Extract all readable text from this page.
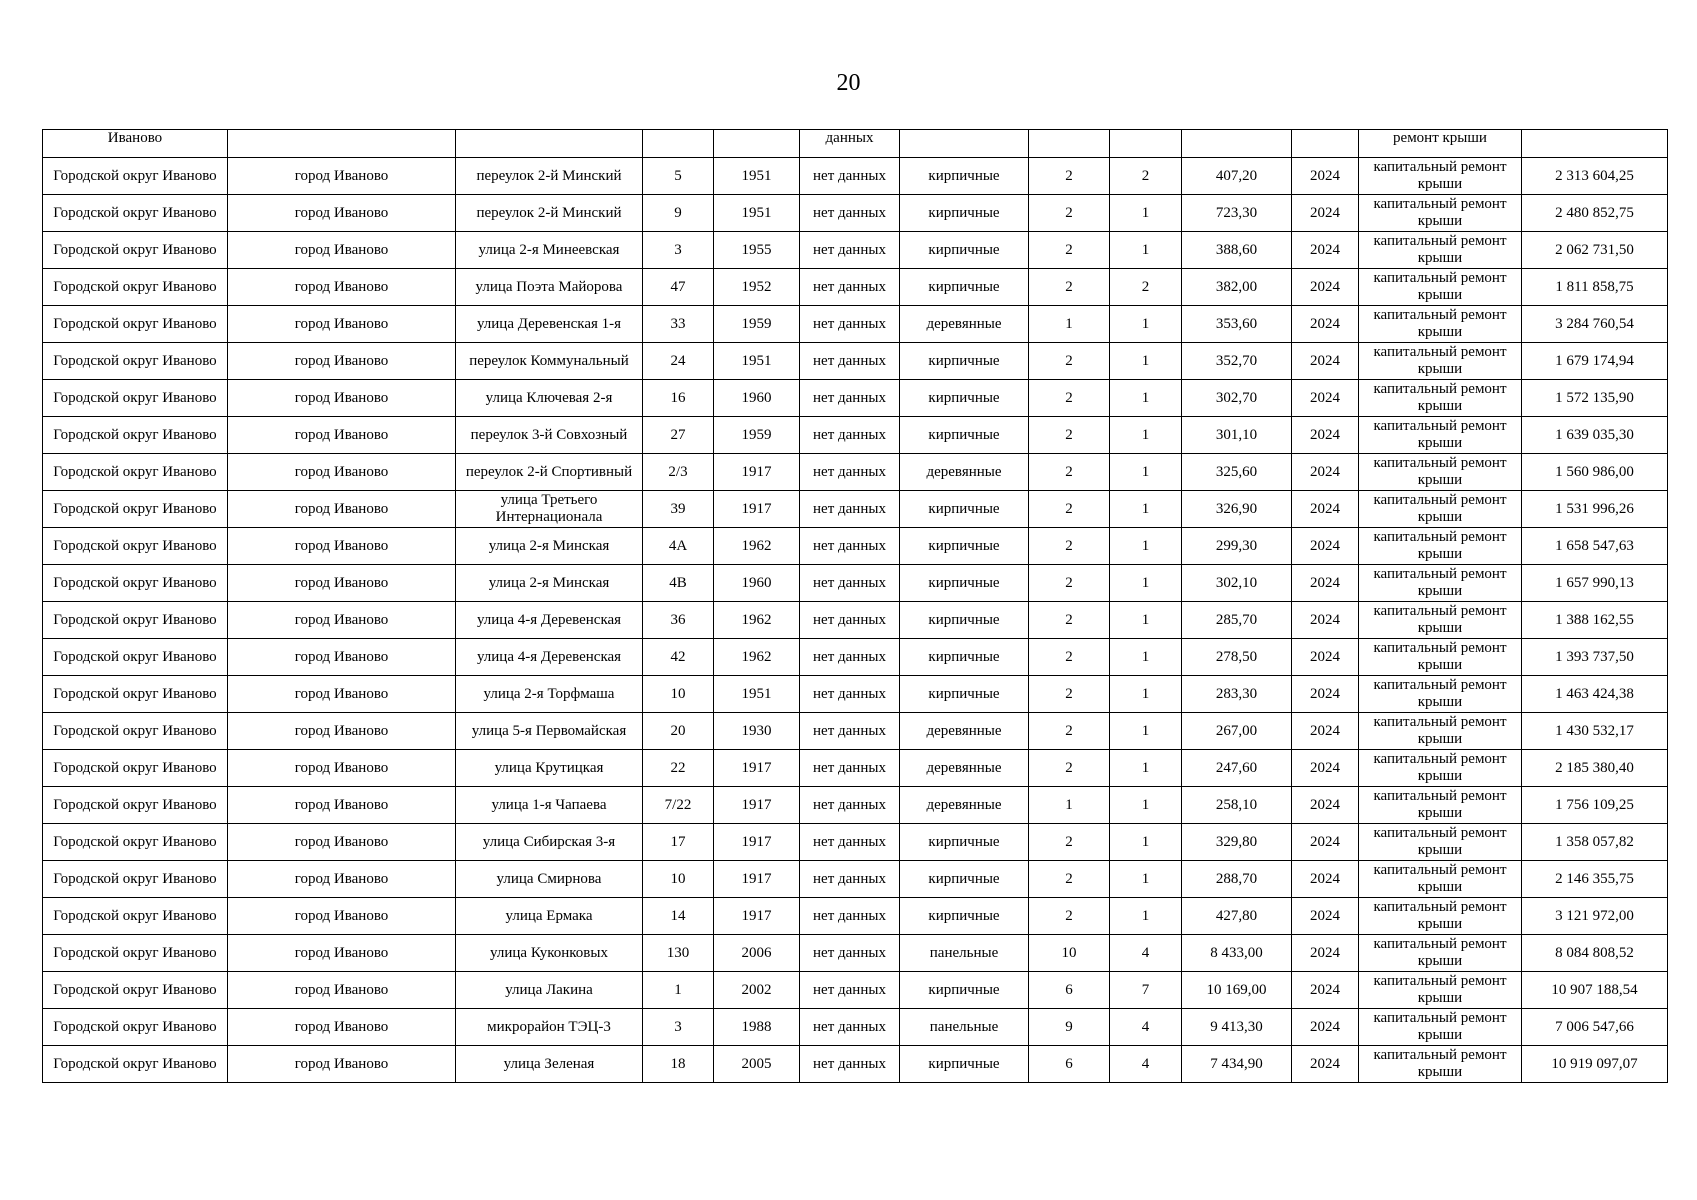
20
Иваново					данных						ремонт крыши	
Городской округ Иваново	город Иваново	переулок 2-й Минский	5	1951	нет данных	кирпичные	2	2	407,20	2024	капитальный ремонт крыши	2 313 604,25
Городской округ Иваново	город Иваново	переулок 2-й Минский	9	1951	нет данных	кирпичные	2	1	723,30	2024	капитальный ремонт крыши	2 480 852,75
Городской округ Иваново	город Иваново	улица 2-я Минеевская	3	1955	нет данных	кирпичные	2	1	388,60	2024	капитальный ремонт крыши	2 062 731,50
Городской округ Иваново	город Иваново	улица Поэта Майорова	47	1952	нет данных	кирпичные	2	2	382,00	2024	капитальный ремонт крыши	1 811 858,75
Городской округ Иваново	город Иваново	улица Деревенская 1-я	33	1959	нет данных	деревянные	1	1	353,60	2024	капитальный ремонт крыши	3 284 760,54
Городской округ Иваново	город Иваново	переулок Коммунальный	24	1951	нет данных	кирпичные	2	1	352,70	2024	капитальный ремонт крыши	1 679 174,94
Городской округ Иваново	город Иваново	улица Ключевая 2-я	16	1960	нет данных	кирпичные	2	1	302,70	2024	капитальный ремонт крыши	1 572 135,90
Городской округ Иваново	город Иваново	переулок 3-й Совхозный	27	1959	нет данных	кирпичные	2	1	301,10	2024	капитальный ремонт крыши	1 639 035,30
Городской округ Иваново	город Иваново	переулок 2-й Спортивный	2/3	1917	нет данных	деревянные	2	1	325,60	2024	капитальный ремонт крыши	1 560 986,00
Городской округ Иваново	город Иваново	улица Третьего Интернационала	39	1917	нет данных	кирпичные	2	1	326,90	2024	капитальный ремонт крыши	1 531 996,26
Городской округ Иваново	город Иваново	улица 2-я Минская	4А	1962	нет данных	кирпичные	2	1	299,30	2024	капитальный ремонт крыши	1 658 547,63
Городской округ Иваново	город Иваново	улица 2-я Минская	4В	1960	нет данных	кирпичные	2	1	302,10	2024	капитальный ремонт крыши	1 657 990,13
Городской округ Иваново	город Иваново	улица 4-я Деревенская	36	1962	нет данных	кирпичные	2	1	285,70	2024	капитальный ремонт крыши	1 388 162,55
Городской округ Иваново	город Иваново	улица 4-я Деревенская	42	1962	нет данных	кирпичные	2	1	278,50	2024	капитальный ремонт крыши	1 393 737,50
Городской округ Иваново	город Иваново	улица 2-я Торфмаша	10	1951	нет данных	кирпичные	2	1	283,30	2024	капитальный ремонт крыши	1 463 424,38
Городской округ Иваново	город Иваново	улица 5-я Первомайская	20	1930	нет данных	деревянные	2	1	267,00	2024	капитальный ремонт крыши	1 430 532,17
Городской округ Иваново	город Иваново	улица Крутицкая	22	1917	нет данных	деревянные	2	1	247,60	2024	капитальный ремонт крыши	2 185 380,40
Городской округ Иваново	город Иваново	улица 1-я Чапаева	7/22	1917	нет данных	деревянные	1	1	258,10	2024	капитальный ремонт крыши	1 756 109,25
Городской округ Иваново	город Иваново	улица Сибирская 3-я	17	1917	нет данных	кирпичные	2	1	329,80	2024	капитальный ремонт крыши	1 358 057,82
Городской округ Иваново	город Иваново	улица Смирнова	10	1917	нет данных	кирпичные	2	1	288,70	2024	капитальный ремонт крыши	2 146 355,75
Городской округ Иваново	город Иваново	улица Ермака	14	1917	нет данных	кирпичные	2	1	427,80	2024	капитальный ремонт крыши	3 121 972,00
Городской округ Иваново	город Иваново	улица Куконковых	130	2006	нет данных	панельные	10	4	8 433,00	2024	капитальный ремонт крыши	8 084 808,52
Городской округ Иваново	город Иваново	улица Лакина	1	2002	нет данных	кирпичные	6	7	10 169,00	2024	капитальный ремонт крыши	10 907 188,54
Городской округ Иваново	город Иваново	микрорайон ТЭЦ-3	3	1988	нет данных	панельные	9	4	9 413,30	2024	капитальный ремонт крыши	7 006 547,66
Городской округ Иваново	город Иваново	улица Зеленая	18	2005	нет данных	кирпичные	6	4	7 434,90	2024	капитальный ремонт крыши	10 919 097,07
